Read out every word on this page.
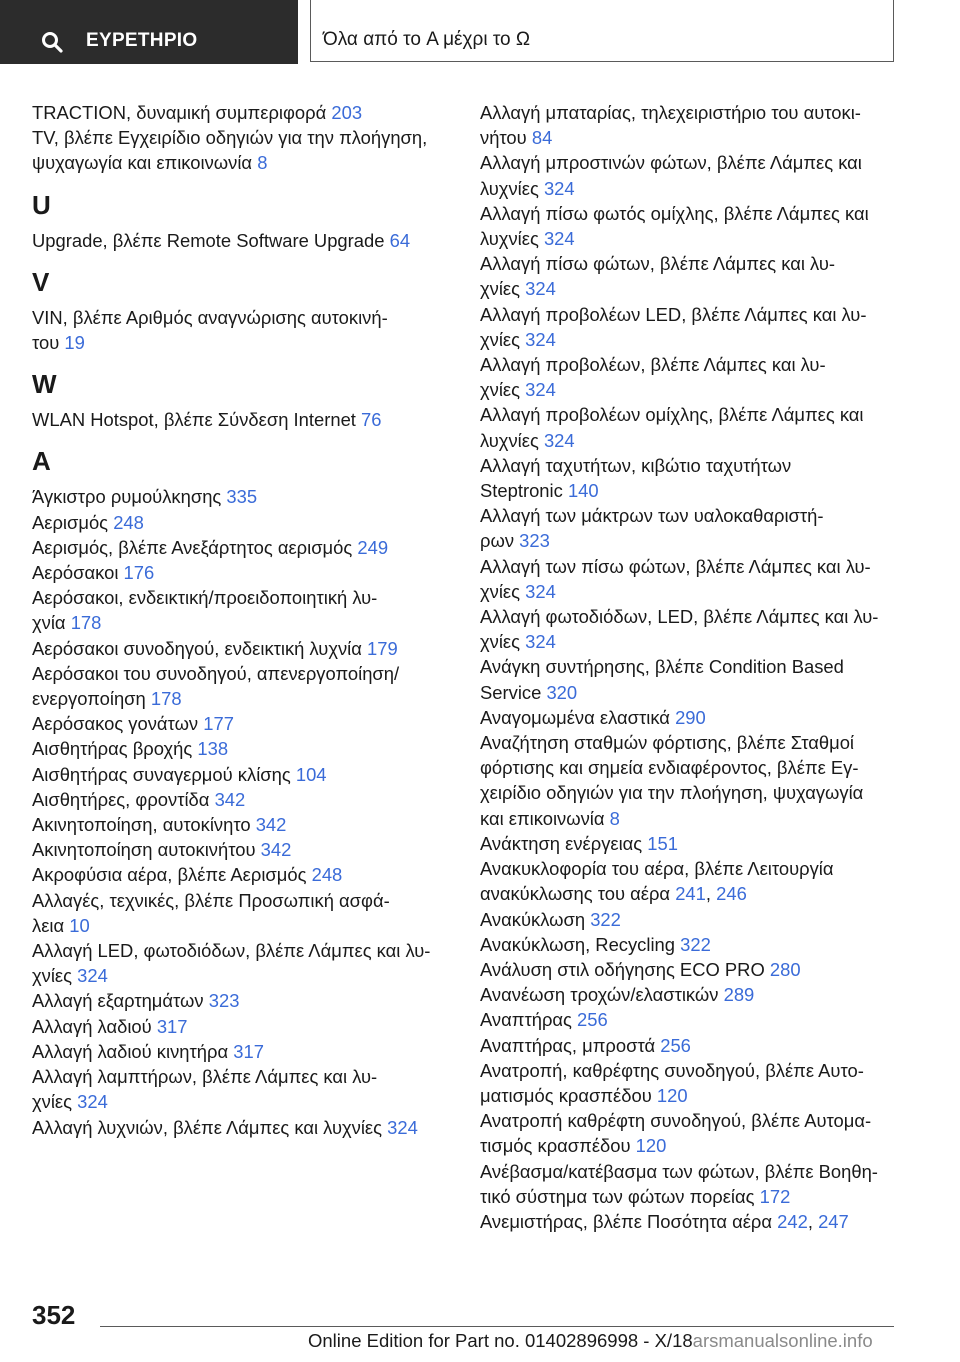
ΕΥΡΕΤΗΡΙΟ	Όλα από το A μέχρι το Ω
TRACTION, δυναμική συμπεριφορά 203
TV, βλέπε Εγχειρίδιο οδηγιών για την πλοήγηση,
ψυχαγωγία και επικοινωνία 8
U
Upgrade, βλέπε Remote Software Upgrade 64
V
VIN, βλέπε Αριθμός αναγνώρισης αυτοκινή‐
του 19
W
WLAN Hotspot, βλέπε Σύνδεση Internet 76
A
Άγκιστρο ρυμούλκησης 335
Αερισμός 248
Αερισμός, βλέπε Ανεξάρτητος αερισμός 249
Αερόσακοι 176
Αερόσακοι, ενδεικτική/προειδοποιητική λυ‐
χνία 178
Αερόσακοι συνοδηγού, ενδεικτική λυχνία 179
Αερόσακοι του συνοδηγού, απενεργοποίηση/
ενεργοποίηση 178
Αερόσακος γονάτων 177
Αισθητήρας βροχής 138
Αισθητήρας συναγερμού κλίσης 104
Αισθητήρες, φροντίδα 342
Ακινητοποίηση, αυτοκίνητο 342
Ακινητοποίηση αυτοκινήτου 342
Ακροφύσια αέρα, βλέπε Αερισμός 248
Αλλαγές, τεχνικές, βλέπε Προσωπική ασφά‐
λεια 10
Αλλαγή LED, φωτοδιόδων, βλέπε Λάμπες και λυ‐
χνίες 324
Αλλαγή εξαρτημάτων 323
Αλλαγή λαδιού 317
Αλλαγή λαδιού κινητήρα 317
Αλλαγή λαμπτήρων, βλέπε Λάμπες και λυ‐
χνίες 324
Αλλαγή λυχνιών, βλέπε Λάμπες και λυχνίες 324
Αλλαγή μπαταρίας, τηλεχειριστήριο του αυτοκι‐
νήτου 84
Αλλαγή μπροστινών φώτων, βλέπε Λάμπες και
λυχνίες 324
Αλλαγή πίσω φωτός ομίχλης, βλέπε Λάμπες και
λυχνίες 324
Αλλαγή πίσω φώτων, βλέπε Λάμπες και λυ‐
χνίες 324
Αλλαγή προβολέων LED, βλέπε Λάμπες και λυ‐
χνίες 324
Αλλαγή προβολέων, βλέπε Λάμπες και λυ‐
χνίες 324
Αλλαγή προβολέων ομίχλης, βλέπε Λάμπες και
λυχνίες 324
Αλλαγή ταχυτήτων, κιβώτιο ταχυτήτων
Steptronic 140
Αλλαγή των μάκτρων των υαλοκαθαριστή‐
ρων 323
Αλλαγή των πίσω φώτων, βλέπε Λάμπες και λυ‐
χνίες 324
Αλλαγή φωτοδιόδων, LED, βλέπε Λάμπες και λυ‐
χνίες 324
Ανάγκη συντήρησης, βλέπε Condition Based
Service 320
Αναγομωμένα ελαστικά 290
Αναζήτηση σταθμών φόρτισης, βλέπε Σταθμοί
φόρτισης και σημεία ενδιαφέροντος, βλέπε Εγ‐
χειρίδιο οδηγιών για την πλοήγηση, ψυχαγωγία
και επικοινωνία 8
Ανάκτηση ενέργειας 151
Ανακυκλοφορία του αέρα, βλέπε Λειτουργία
ανακύκλωσης του αέρα 241, 246
Ανακύκλωση 322
Ανακύκλωση, Recycling 322
Ανάλυση στιλ οδήγησης ECO PRO 280
Ανανέωση τροχών/ελαστικών 289
Αναπτήρας 256
Αναπτήρας, μπροστά 256
Ανατροπή, καθρέφτης συνοδηγού, βλέπε Αυτο‐
ματισμός κρασπέδου 120
Ανατροπή καθρέφτη συνοδηγού, βλέπε Αυτομα‐
τισμός κρασπέδου 120
Ανέβασμα/κατέβασμα των φώτων, βλέπε Βοηθη‐
τικό σύστημα των φώτων πορείας 172
Ανεμιστήρας, βλέπε Ποσότητα αέρα 242, 247
352
Online Edition for Part no. 01402896998 - X/18arsmanualsonline.info
